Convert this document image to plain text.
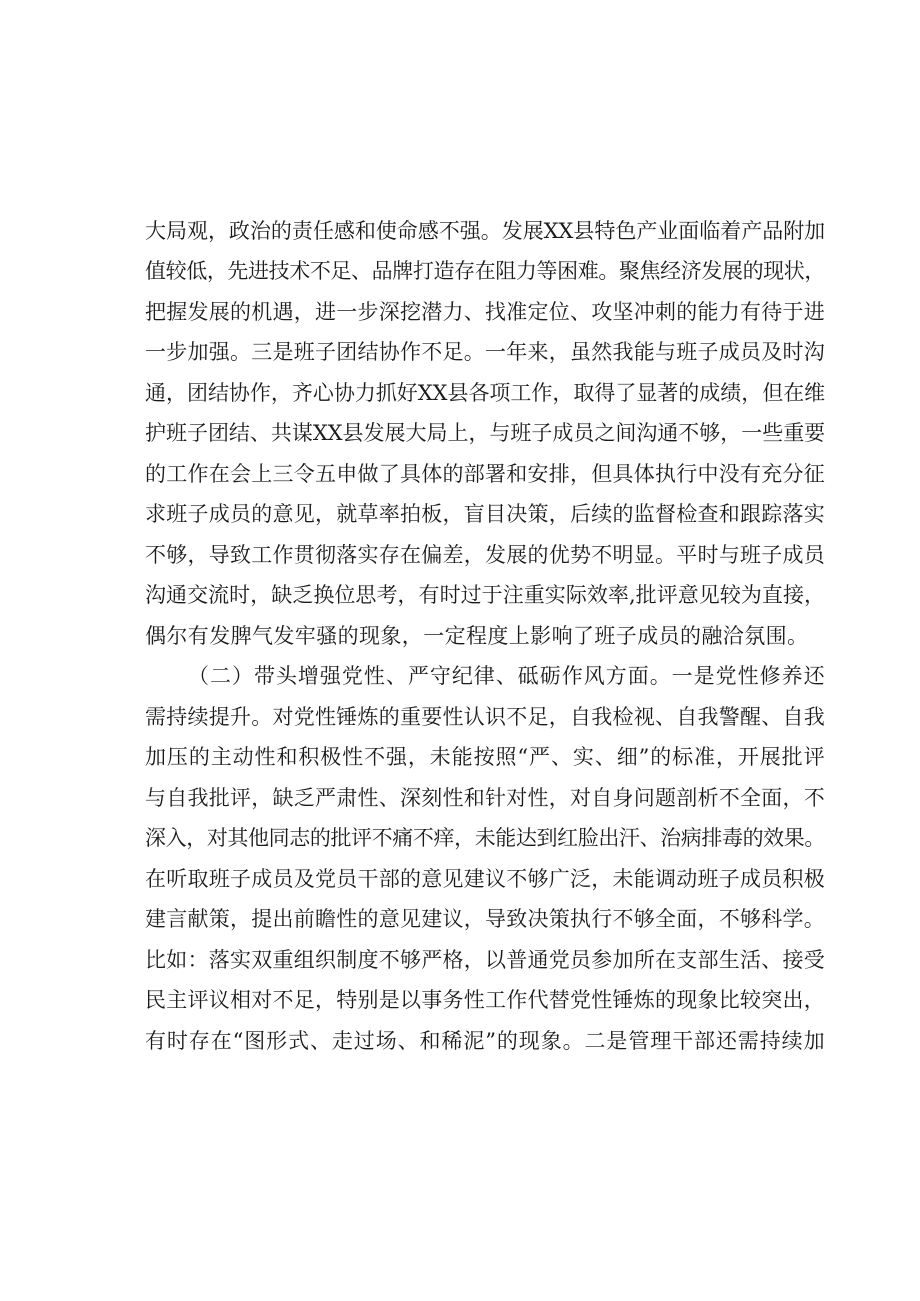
大局观，政治的责任感和使命感不强。发展XX县特色产业面临着产品附加
值较低，先进技术不足、品牌打造存在阻力等困难。聚焦经济发展的现状，
把握发展的机遇，进一步深挖潜力、找准定位、攻坚冲刺的能力有待于进
一步加强。三是班子团结协作不足。一年来，虽然我能与班子成员及时沟
通，团结协作，齐心协力抓好XX县各项工作，取得了显著的成绩，但在维
护班子团结、共谋XX县发展大局上，与班子成员之间沟通不够，一些重要
的工作在会上三令五申做了具体的部署和安排，但具体执行中没有充分征
求班子成员的意见，就草率拍板，盲目决策，后续的监督检查和跟踪落实
不够，导致工作贯彻落实存在偏差，发展的优势不明显。平时与班子成员
沟通交流时，缺乏换位思考，有时过于注重实际效率,批评意见较为直接，
偶尔有发脾气发牢骚的现象，一定程度上影响了班子成员的融洽氛围。
（二）带头增强党性、严守纪律、砥砺作风方面。一是党性修养还
需持续提升。对党性锤炼的重要性认识不足，自我检视、自我警醒、自我
加压的主动性和积极性不强，未能按照“严、实、细”的标准，开展批评
与自我批评，缺乏严肃性、深刻性和针对性，对自身问题剖析不全面，不
深入，对其他同志的批评不痛不痒，未能达到红脸出汗、治病排毒的效果。
在听取班子成员及党员干部的意见建议不够广泛，未能调动班子成员积极
建言献策，提出前瞻性的意见建议，导致决策执行不够全面，不够科学。
比如：落实双重组织制度不够严格，以普通党员参加所在支部生活、接受
民主评议相对不足，特别是以事务性工作代替党性锤炼的现象比较突出，
有时存在“图形式、走过场、和稀泥”的现象。二是管理干部还需持续加
